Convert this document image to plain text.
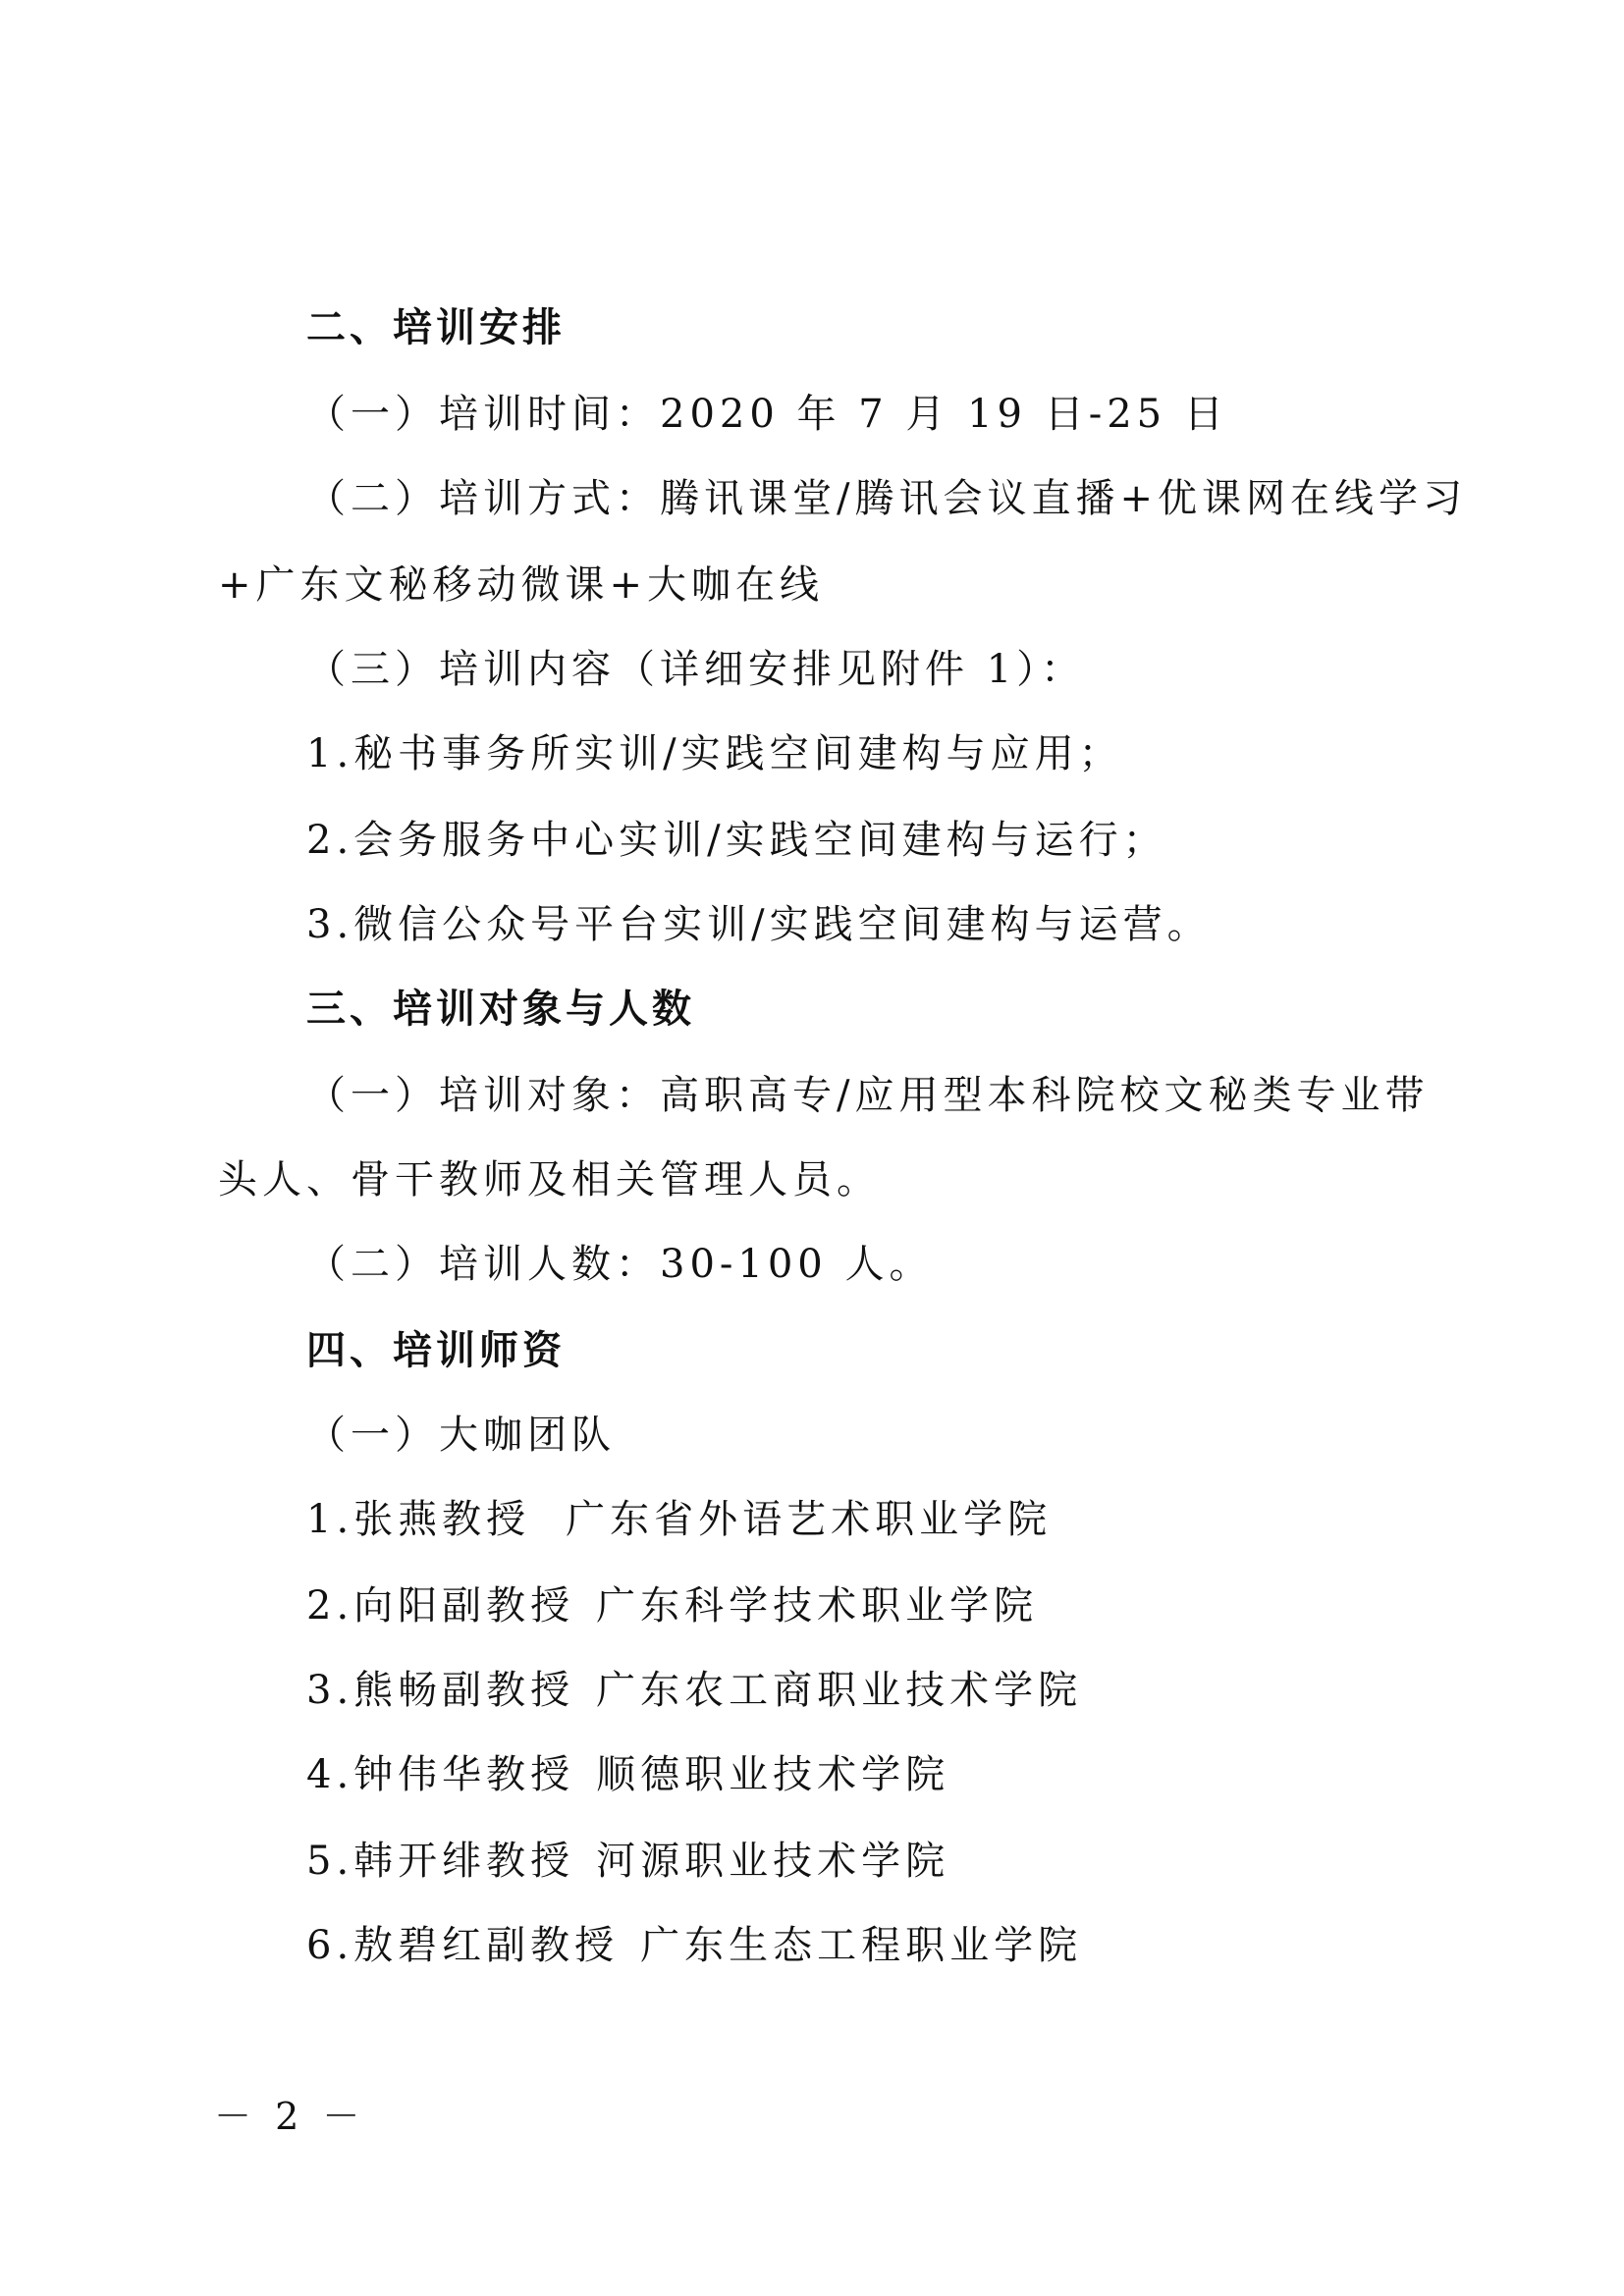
二、培训安排
（一）培训时间：2020 年 7 月 19 日-25 日
（二）培训方式：腾讯课堂/腾讯会议直播+优课网在线学习
+广东文秘移动微课+大咖在线
（三）培训内容（详细安排见附件 1）：
1.秘书事务所实训/实践空间建构与应用；
2.会务服务中心实训/实践空间建构与运行；
3.微信公众号平台实训/实践空间建构与运营。
三、培训对象与人数
（一）培训对象：高职高专/应用型本科院校文秘类专业带
头人、骨干教师及相关管理人员。
（二）培训人数：30-100 人。
四、培训师资
（一）大咖团队
1.张燕教授 广东省外语艺术职业学院
2.向阳副教授 广东科学技术职业学院
3.熊畅副教授 广东农工商职业技术学院
4.钟伟华教授 顺德职业技术学院
5.韩开绯教授 河源职业技术学院
6.敖碧红副教授 广东生态工程职业学院
－ 2 －
